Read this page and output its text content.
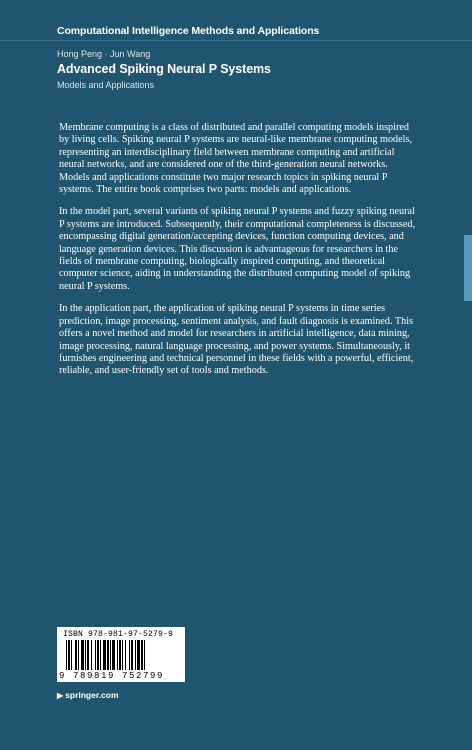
Computational Intelligence Methods and Applications
Hong Peng · Jun Wang
Advanced Spiking Neural P Systems
Models and Applications

Membrane computing is a class of distributed and parallel computing models inspired by living cells. Spiking neural P systems are neural-like membrane computing models, representing an interdisciplinary field between membrane computing and artificial neural networks, and are considered one of the third-generation neural networks. Models and applications constitute two major research topics in spiking neural P systems. The entire book comprises two parts: models and applications.

In the model part, several variants of spiking neural P systems and fuzzy spiking neural P systems are introduced. Subsequently, their computational completeness is discussed, encompassing digital generation/accepting devices, function computing devices, and language generation devices. This discussion is advantageous for researchers in the fields of membrane computing, biologically inspired computing, and theoretical computer science, aiding in understanding the distributed computing model of spiking neural P systems.

In the application part, the application of spiking neural P systems in time series prediction, image processing, sentiment analysis, and fault diagnosis is examined. This offers a novel method and model for researchers in artificial intelligence, data mining, image processing, natural language processing, and power systems. Simultaneously, it furnishes engineering and technical personnel in these fields with a powerful, efficient, reliable, and user-friendly set of tools and methods.

ISBN 978-981-97-5279-9
9 789819 752799
▶ springer.com
